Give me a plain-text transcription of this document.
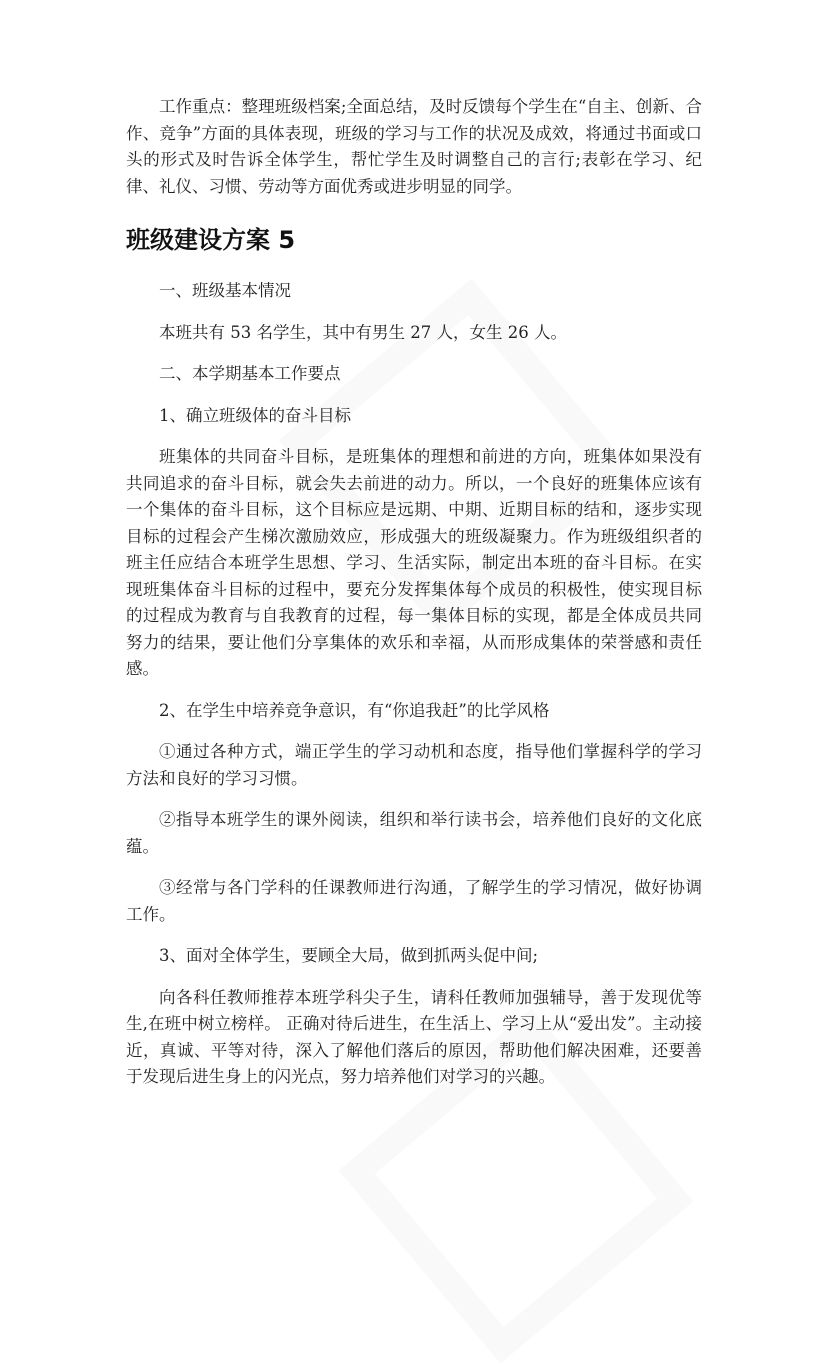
工作重点：整理班级档案;全面总结，及时反馈每个学生在“自主、创新、合作、竞争”方面的具体表现，班级的学习与工作的状况及成效，将通过书面或口头的形式及时告诉全体学生，帮忙学生及时调整自己的言行;表彰在学习、纪律、礼仪、习惯、劳动等方面优秀或进步明显的同学。

班级建设方案 5

一、班级基本情况

本班共有 53 名学生，其中有男生 27 人，女生 26 人。

二、本学期基本工作要点

1、确立班级体的奋斗目标

班集体的共同奋斗目标，是班集体的理想和前进的方向，班集体如果没有共同追求的奋斗目标，就会失去前进的动力。所以，一个良好的班集体应该有一个集体的奋斗目标，这个目标应是远期、中期、近期目标的结和，逐步实现目标的过程会产生梯次激励效应，形成强大的班级凝聚力。作为班级组织者的班主任应结合本班学生思想、学习、生活实际，制定出本班的奋斗目标。在实现班集体奋斗目标的过程中，要充分发挥集体每个成员的积极性，使实现目标的过程成为教育与自我教育的过程，每一集体目标的实现，都是全体成员共同努力的结果，要让他们分享集体的欢乐和幸福，从而形成集体的荣誉感和责任感。

2、在学生中培养竞争意识，有“你追我赶”的比学风格

①通过各种方式，端正学生的学习动机和态度，指导他们掌握科学的学习方法和良好的学习习惯。

②指导本班学生的课外阅读，组织和举行读书会，培养他们良好的文化底蕴。

③经常与各门学科的任课教师进行沟通，了解学生的学习情况，做好协调工作。

3、面对全体学生，要顾全大局，做到抓两头促中间;

向各科任教师推荐本班学科尖子生，请科任教师加强辅导，善于发现优等生,在班中树立榜样。 正确对待后进生，在生活上、学习上从“爱出发”。主动接近，真诚、平等对待，深入了解他们落后的原因，帮助他们解决困难，还要善于发现后进生身上的闪光点，努力培养他们对学习的兴趣。
